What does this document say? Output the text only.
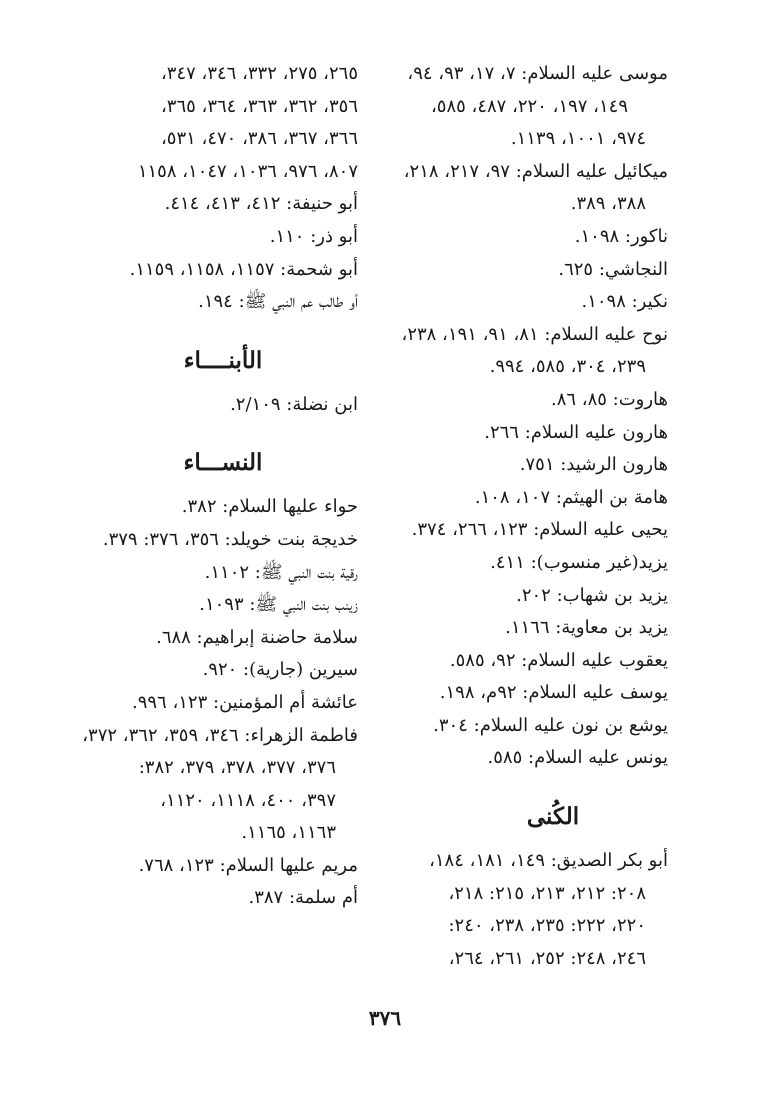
موسى عليه السلام: ٧، ١٧، ٩٣، ٩٤،
١٤٩، ١٩٧، ٢٢٠، ٤٨٧، ٥٨٥،
٩٧٤، ١٠٠١، ١١٣٩.
ميكائيل عليه السلام: ٩٧، ٢١٧، ٢١٨،
٣٨٨، ٣٨٩.
ناكور: ١٠٩٨.
النجاشي: ٦٢٥.
نكير: ١٠٩٨.
نوح عليه السلام: ٨١، ٩١، ١٩١، ٢٣٨،
٢٣٩، ٣٠٤، ٥٨٥، ٩٩٤.
هاروت: ٨٥، ٨٦.
هارون عليه السلام: ٢٦٦.
هارون الرشيد: ٧٥١.
هامة بن الهيثم: ١٠٧، ١٠٨.
يحيى عليه السلام: ١٢٣، ٢٦٦، ٣٧٤.
يزيد(غير منسوب): ٤١١.
يزيد بن شهاب: ٢٠٢.
يزيد بن معاوية: ١١٦٦.
يعقوب عليه السلام: ٩٢، ٥٨٥.
يوسف عليه السلام: ٩٢م، ١٩٨.
يوشع بن نون عليه السلام: ٣٠٤.
يونس عليه السلام: ٥٨٥.
الكُنى
أبو بكر الصديق: ١٤٩، ١٨١، ١٨٤،
٢٠٨: ٢١٢، ٢١٣، ٢١٥: ٢١٨،
٢٢٠، ٢٢٢: ٢٣٥، ٢٣٨، ٢٤٠:
٢٤٦، ٢٤٨: ٢٥٢، ٢٦١، ٢٦٤،
٢٦٥، ٢٧٥، ٣٣٢، ٣٤٦، ٣٤٧،
٣٥٦، ٣٦٢، ٣٦٣، ٣٦٤، ٣٦٥،
٣٦٦، ٣٦٧، ٣٨٦، ٤٧٠، ٥٣١،
٨٠٧، ٩٧٦، ١٠٣٦، ١٠٤٧، ١١٥٨
أبو حنيفة: ٤١٢، ٤١٣، ٤١٤.
أبو ذر: ١١٠.
أبو شحمة: ١١٥٧، ١١٥٨، ١١٥٩.
أو طالب عم النبي ﷺ: ١٩٤.
الأبنــــاء
ابن نضلة: ٢/١٠٩.
النســـاء
حواء عليها السلام: ٣٨٢.
خديجة بنت خويلد: ٣٥٦، ٣٧٦: ٣٧٩.
رقية بنت النبي ﷺ: ١١٠٢.
زينب بنت النبي ﷺ: ١٠٩٣.
سلامة حاضنة إبراهيم: ٦٨٨.
سيرين (جارية): ٩٢٠.
عائشة أم المؤمنين: ١٢٣، ٩٩٦.
فاطمة الزهراء: ٣٤٦، ٣٥٩، ٣٦٢، ٣٧٢،
٣٧٦، ٣٧٧، ٣٧٨، ٣٧٩، ٣٨٢:
٣٩٧، ٤٠٠، ١١١٨، ١١٢٠،
١١٦٣، ١١٦٥.
مريم عليها السلام: ١٢٣، ٧٦٨.
أم سلمة: ٣٨٧.
٣٧٦
